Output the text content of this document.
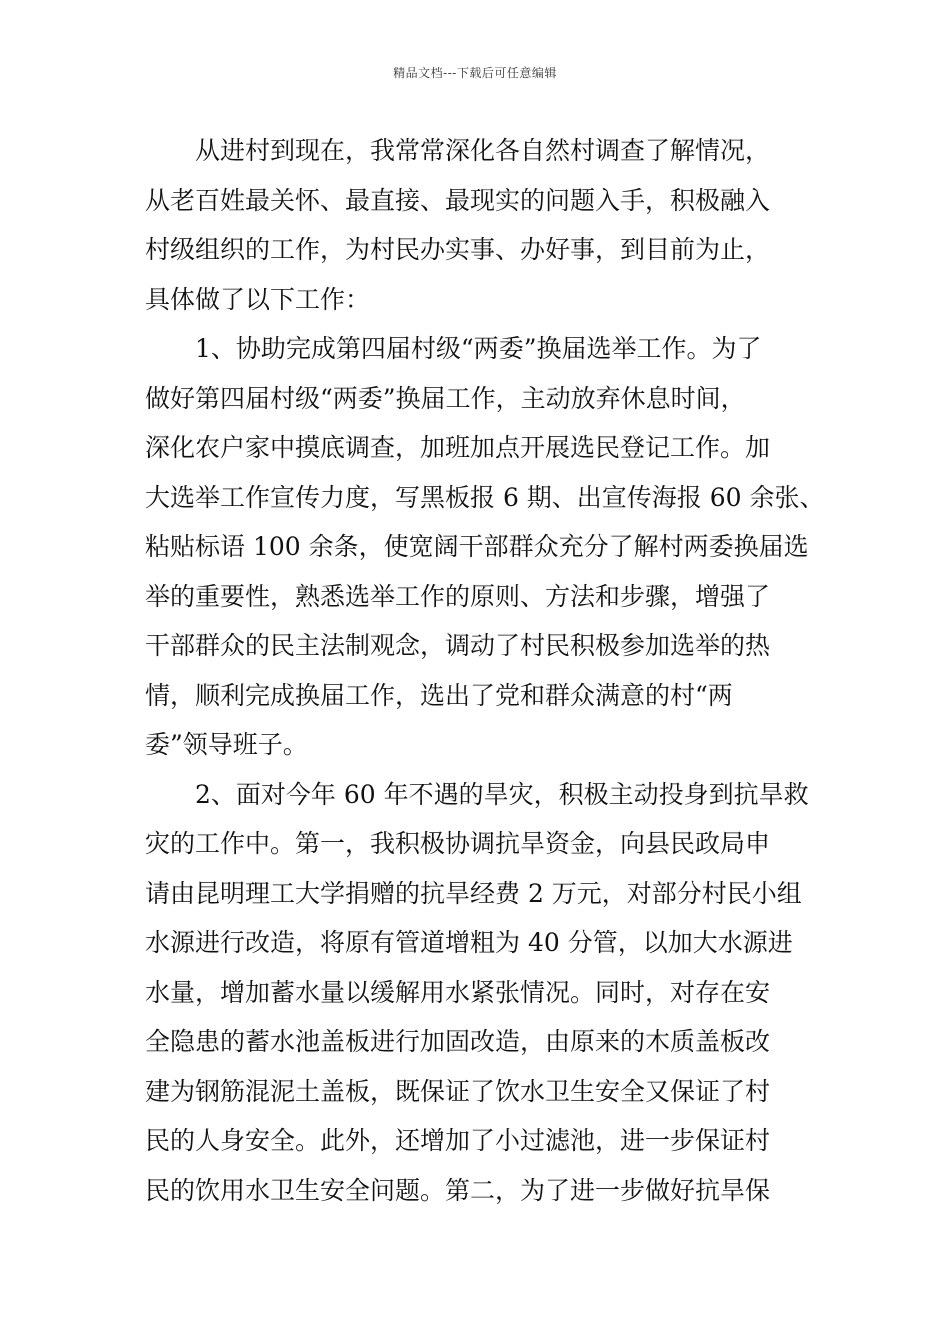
精品文档---下载后可任意编辑
从进村到现在，我常常深化各自然村调查了解情况，
从老百姓最关怀、最直接、最现实的问题入手，积极融入
村级组织的工作，为村民办实事、办好事，到目前为止，
具体做了以下工作：
1、协助完成第四届村级“两委”换届选举工作。为了
做好第四届村级“两委”换届工作，主动放弃休息时间，
深化农户家中摸底调查，加班加点开展选民登记工作。加
大选举工作宣传力度，写黑板报 6 期、出宣传海报 60 余张、
粘贴标语 100 余条，使宽阔干部群众充分了解村两委换届选
举的重要性，熟悉选举工作的原则、方法和步骤，增强了
干部群众的民主法制观念，调动了村民积极参加选举的热
情，顺利完成换届工作，选出了党和群众满意的村“两
委”领导班子。
2、面对今年 60 年不遇的旱灾，积极主动投身到抗旱救
灾的工作中。第一，我积极协调抗旱资金，向县民政局申
请由昆明理工大学捐赠的抗旱经费 2 万元，对部分村民小组
水源进行改造，将原有管道增粗为 40 分管，以加大水源进
水量，增加蓄水量以缓解用水紧张情况。同时，对存在安
全隐患的蓄水池盖板进行加固改造，由原来的木质盖板改
建为钢筋混泥土盖板，既保证了饮水卫生安全又保证了村
民的人身安全。此外，还增加了小过滤池，进一步保证村
民的饮用水卫生安全问题。第二，为了进一步做好抗旱保
